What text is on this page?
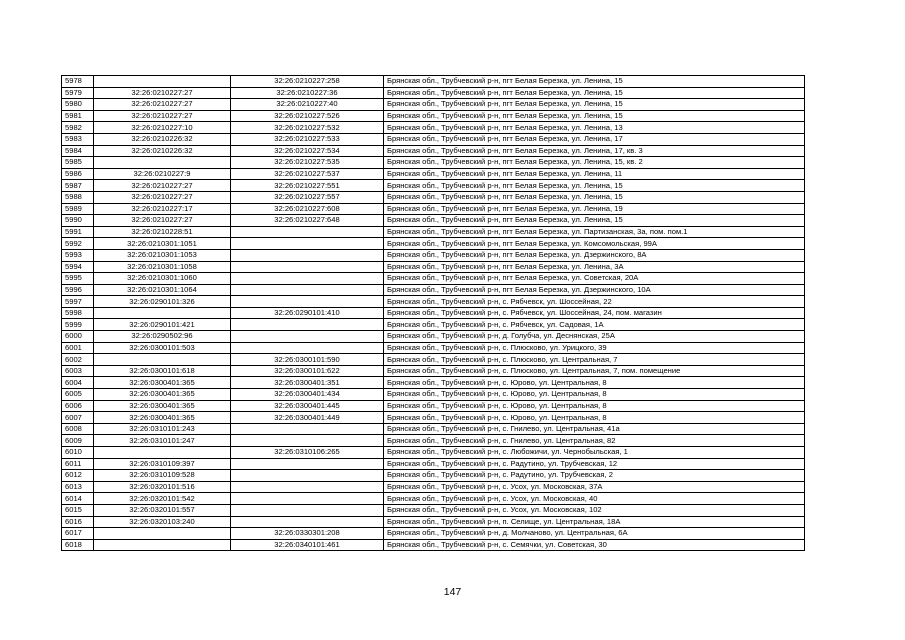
5978		32:26:0210227:258	Брянская обл., Трубчевский р-н, пгт Белая Березка, ул. Ленина, 15
5979	32:26:0210227:27	32:26:0210227:36	Брянская обл., Трубчевский р-н, пгт Белая Березка, ул. Ленина, 15
5980	32:26:0210227:27	32:26:0210227:40	Брянская обл., Трубчевский р-н, пгт Белая Березка, ул. Ленина, 15
5981	32:26:0210227:27	32:26:0210227:526	Брянская обл., Трубчевский р-н, пгт Белая Березка, ул. Ленина, 15
5982	32:26:0210227:10	32:26:0210227:532	Брянская обл., Трубчевский р-н, пгт Белая Березка, ул. Ленина, 13
5983	32:26:0210226:32	32:26:0210227:533	Брянская обл., Трубчевский р-н, пгт Белая Березка, ул. Ленина, 17
5984	32:26:0210226:32	32:26:0210227:534	Брянская обл., Трубчевский р-н, пгт Белая Березка, ул. Ленина, 17, кв. 3
5985		32:26:0210227:535	Брянская обл., Трубчевский р-н, пгт Белая Березка, ул. Ленина, 15, кв. 2
5986	32:26:0210227:9	32:26:0210227:537	Брянская обл., Трубчевский р-н, пгт Белая Березка, ул. Ленина, 11
5987	32:26:0210227:27	32:26:0210227:551	Брянская обл., Трубчевский р-н, пгт Белая Березка, ул. Ленина, 15
5988	32:26:0210227:27	32:26:0210227:557	Брянская обл., Трубчевский р-н, пгт Белая Березка, ул. Ленина, 15
5989	32:26:0210227:17	32:26:0210227:608	Брянская обл., Трубчевский р-н, пгт Белая Березка, ул. Ленина, 19
5990	32:26:0210227:27	32:26:0210227:648	Брянская обл., Трубчевский р-н, пгт Белая Березка, ул. Ленина, 15
5991	32:26:0210228:51		Брянская обл., Трубчевский р-н, пгт Белая Березка, ул. Партизанская, 3а, пом. пом.1
5992	32:26:0210301:1051		Брянская обл., Трубчевский р-н, пгт Белая Березка, ул. Комсомольская, 99А
5993	32:26:0210301:1053		Брянская обл., Трубчевский р-н, пгт Белая Березка, ул. Дзержинского, 8А
5994	32:26:0210301:1058		Брянская обл., Трубчевский р-н, пгт Белая Березка, ул. Ленина, 3А
5995	32:26:0210301:1060		Брянская обл., Трубчевский р-н, пгт Белая Березка, ул. Советская, 20А
5996	32:26:0210301:1064		Брянская обл., Трубчевский р-н, пгт Белая Березка, ул. Дзержинского, 10А
5997	32:26:0290101:326		Брянская обл., Трубчевский р-н, с. Рябчевск, ул. Шоссейная, 22
5998		32:26:0290101:410	Брянская обл., Трубчевский р-н, с. Рябчевск, ул. Шоссейная, 24, пом. магазин
5999	32:26:0290101:421		Брянская обл., Трубчевский р-н, с. Рябчевск, ул. Садовая, 1А
6000	32:26:0290502:96		Брянская обл., Трубчевский р-н, д. Голубча, ул. Деснянская, 25А
6001	32:26:0300101:503		Брянская обл., Трубчевский р-н, с. Плюсково, ул. Урицкого, 39
6002		32:26:0300101:590	Брянская обл., Трубчевский р-н, с. Плюсково, ул. Центральная, 7
6003	32:26:0300101:618	32:26:0300101:622	Брянская обл., Трубчевский р-н, с. Плюсково, ул. Центральная, 7, пом. помещение
6004	32:26:0300401:365	32:26:0300401:351	Брянская обл., Трубчевский р-н, с. Юрово, ул. Центральная, 8
6005	32:26:0300401:365	32:26:0300401:434	Брянская обл., Трубчевский р-н, с. Юрово, ул. Центральная, 8
6006	32:26:0300401:365	32:26:0300401:445	Брянская обл., Трубчевский р-н, с. Юрово, ул. Центральная, 8
6007	32:26:0300401:365	32:26:0300401:449	Брянская обл., Трубчевский р-н, с. Юрово, ул. Центральная, 8
6008	32:26:0310101:243		Брянская обл., Трубчевский р-н, с. Гнилево, ул. Центральная, 41а
6009	32:26:0310101:247		Брянская обл., Трубчевский р-н, с. Гнилево, ул. Центральная, 82
6010		32:26:0310106:265	Брянская обл., Трубчевский р-н, с. Любожичи, ул. Чернобыльская, 1
6011	32:26:0310109:397		Брянская обл., Трубчевский р-н, с. Радутино, ул. Трубчевская, 12
6012	32:26:0310109:528		Брянская обл., Трубчевский р-н, с. Радутино, ул. Трубчевская, 2
6013	32:26:0320101:516		Брянская обл., Трубчевский р-н, с. Усох, ул. Московская, 37А
6014	32:26:0320101:542		Брянская обл., Трубчевский р-н, с. Усох, ул. Московская, 40
6015	32:26:0320101:557		Брянская обл., Трубчевский р-н, с. Усох, ул. Московская, 102
6016	32:26:0320103:240		Брянская обл., Трубчевский р-н, п. Селище, ул. Центральная, 18А
6017		32:26:0330301:208	Брянская обл., Трубчевский р-н, д. Молчаново, ул. Центральная, 6А
6018		32:26:0340101:461	Брянская обл., Трубчевский р-н, с. Семячки, ул. Советская, 30
147
